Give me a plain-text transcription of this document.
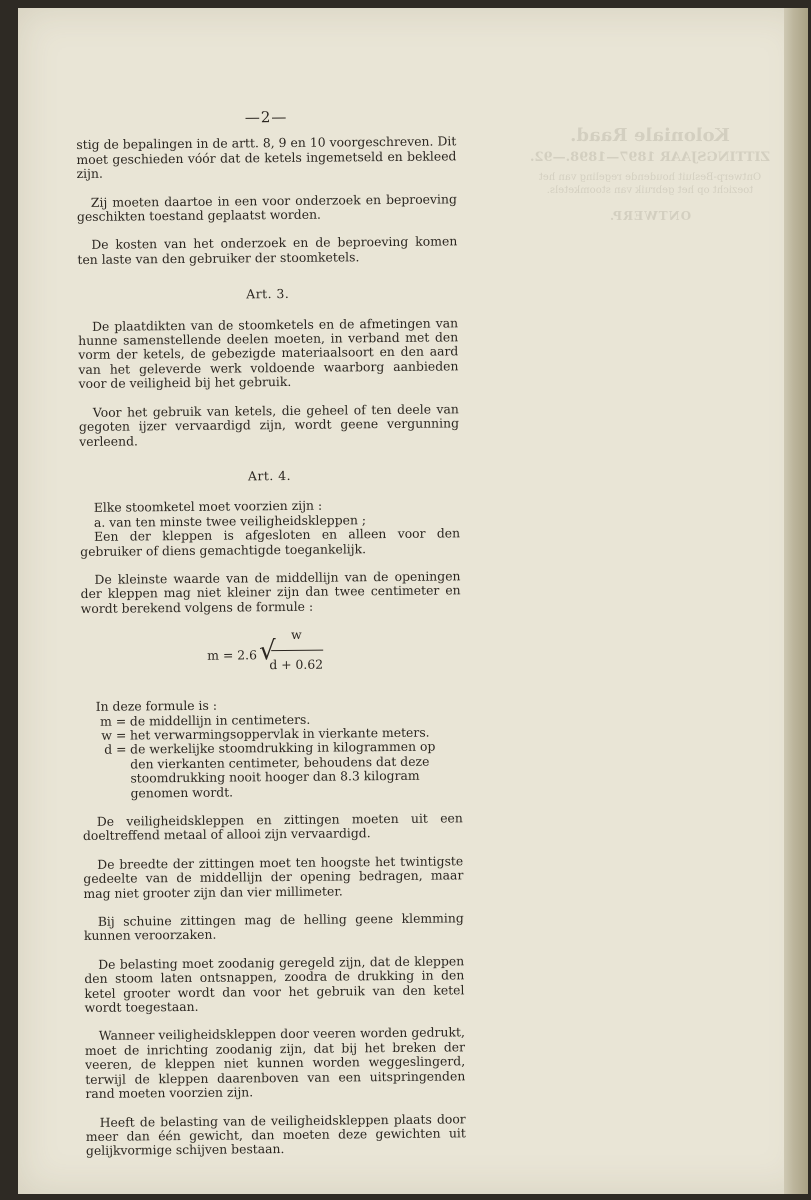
Koloniale Raad.
ZITTINGSJAAR 1897—1898.—92.
Ontwerp-Besluit houdende regeling van het toezicht op het gebruik van stoomketels.
ONTWERP.
—2—

stig de bepalingen in de artt. 8, 9 en 10 voorgeschreven. Dit moet geschieden vóór dat de ketels ingemetseld en bekleed zijn.

Zij moeten daartoe in een voor onderzoek en beproeving geschikten toestand geplaatst worden.

De kosten van het onderzoek en de beproeving komen ten laste van den gebruiker der stoomketels.

Art. 3.

De plaatdikten van de stoomketels en de afmetingen van hunne samenstellende deelen moeten, in verband met den vorm der ketels, de gebezigde materiaalsoort en den aard van het geleverde werk voldoende waarborg aanbieden voor de veiligheid bij het gebruik.

Voor het gebruik van ketels, die geheel of ten deele van gegoten ijzer vervaardigd zijn, wordt geene vergunning verleend.

Art. 4.

Elke stoomketel moet voorzien zijn :
a. van ten minste twee veiligheidskleppen ;
Een der kleppen is afgesloten en alleen voor den gebruiker of diens gemachtigde toegankelijk.

De kleinste waarde van de middellijn van de openingen der kleppen mag niet kleiner zijn dan twee centimeter en wordt berekend volgens de formule :

m = 2.6 √
w
d + 0.62
In deze formule is :
m = de middellijn in centimeters.
w = het verwarmingsoppervlak in vierkante meters.
d = de werkelijke stoomdrukking in kilogrammen op den vierkanten centimeter, behoudens dat deze stoomdrukking nooit hooger dan 8.3 kilogram genomen wordt.

De veiligheidskleppen en zittingen moeten uit een doeltreffend metaal of allooi zijn vervaardigd.

De breedte der zittingen moet ten hoogste het twintigste gedeelte van de middellijn der opening bedragen, maar mag niet grooter zijn dan vier millimeter.

Bij schuine zittingen mag de helling geene klemming kunnen veroorzaken.

De belasting moet zoodanig geregeld zijn, dat de kleppen den stoom laten ontsnappen, zoodra de drukking in den ketel grooter wordt dan voor het gebruik van den ketel wordt toegestaan.

Wanneer veiligheidskleppen door veeren worden gedrukt, moet de inrichting zoodanig zijn, dat bij het breken der veeren, de kleppen niet kunnen worden weggeslingerd, terwijl de kleppen daarenboven van een uitspringenden rand moeten voorzien zijn.

Heeft de belasting van de veiligheidskleppen plaats door meer dan één gewicht, dan moeten deze gewichten uit gelijkvormige schijven bestaan.
